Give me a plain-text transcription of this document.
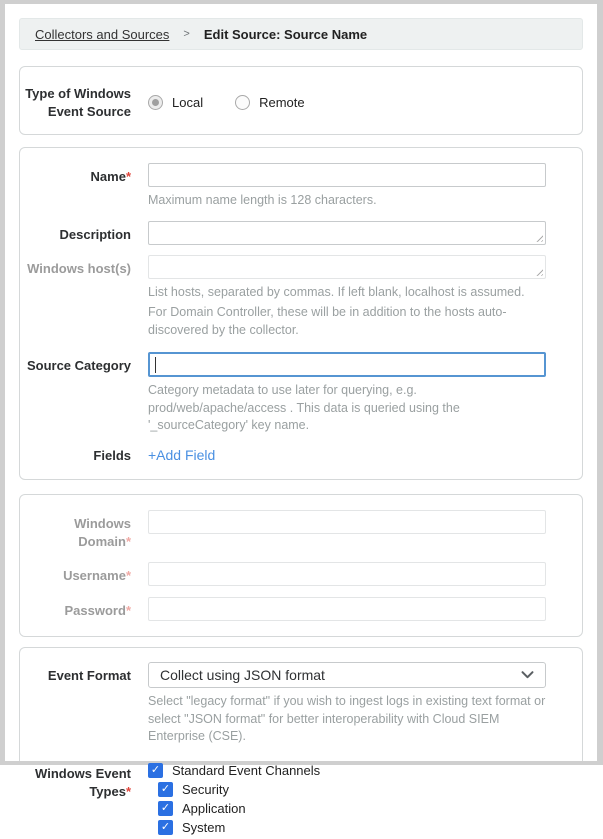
Collectors and Sources > Edit Source: Source Name
Type of Windows Event Source
Local	Remote
Name*
Maximum name length is 128 characters.
Description
Windows host(s)
List hosts, separated by commas. If left blank, localhost is assumed.
For Domain Controller, these will be in addition to the hosts auto-discovered by the collector.
Source Category
Category metadata to use later for querying, e.g. prod/web/apache/access . This data is queried using the '_sourceCategory' key name.
Fields +Add Field
Windows Domain*
Username*
Password*
Event Format Collect using JSON format
Select "legacy format" if you wish to ingest logs in existing text format or select "JSON format" for better interoperability with Cloud SIEM Enterprise (CSE).
Windows Event Types*
✓ Standard Event Channels
✓ Security
✓ Application
✓ System
